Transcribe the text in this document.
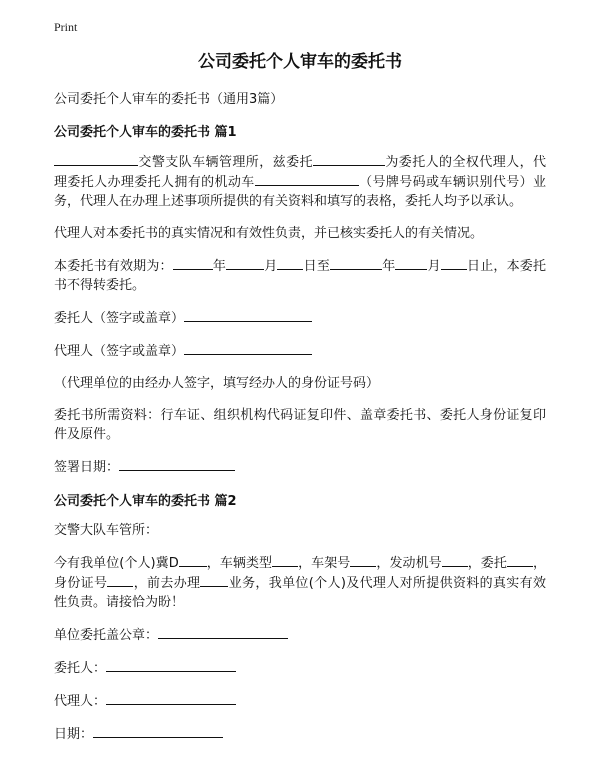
Print
公司委托个人审车的委托书
公司委托个人审车的委托书（通用3篇）
公司委托个人审车的委托书 篇1
交警支队车辆管理所，兹委托	为委托人的全权代理人，代理委托人办理委托人拥有的机动车	（号牌号码或车辆识别代号）业务，代理人在办理上述事项所提供的有关资料和填写的表格，委托人均予以承认。
代理人对本委托书的真实情况和有效性负责，并已核实委托人的有关情况。
本委托书有效期为：	年	月 日至	年 月 日止，本委托书不得转委托。
委托人（签字或盖章）
代理人（签字或盖章）
（代理单位的由经办人签字，填写经办人的身份证号码）
委托书所需资料：行车证、组织机构代码证复印件、盖章委托书、委托人身份证复印件及原件。
签署日期：
公司委托个人审车的委托书 篇2
交警大队车管所：
今有我单位(个人)冀D ，车辆类型 ，车架号 ，发动机号 ，委托 ，身份证号 ，前去办理 业务，我单位(个人)及代理人对所提供资料的真实有效性负责。请接恰为盼！
单位委托盖公章：
委托人：
代理人：
日期：
